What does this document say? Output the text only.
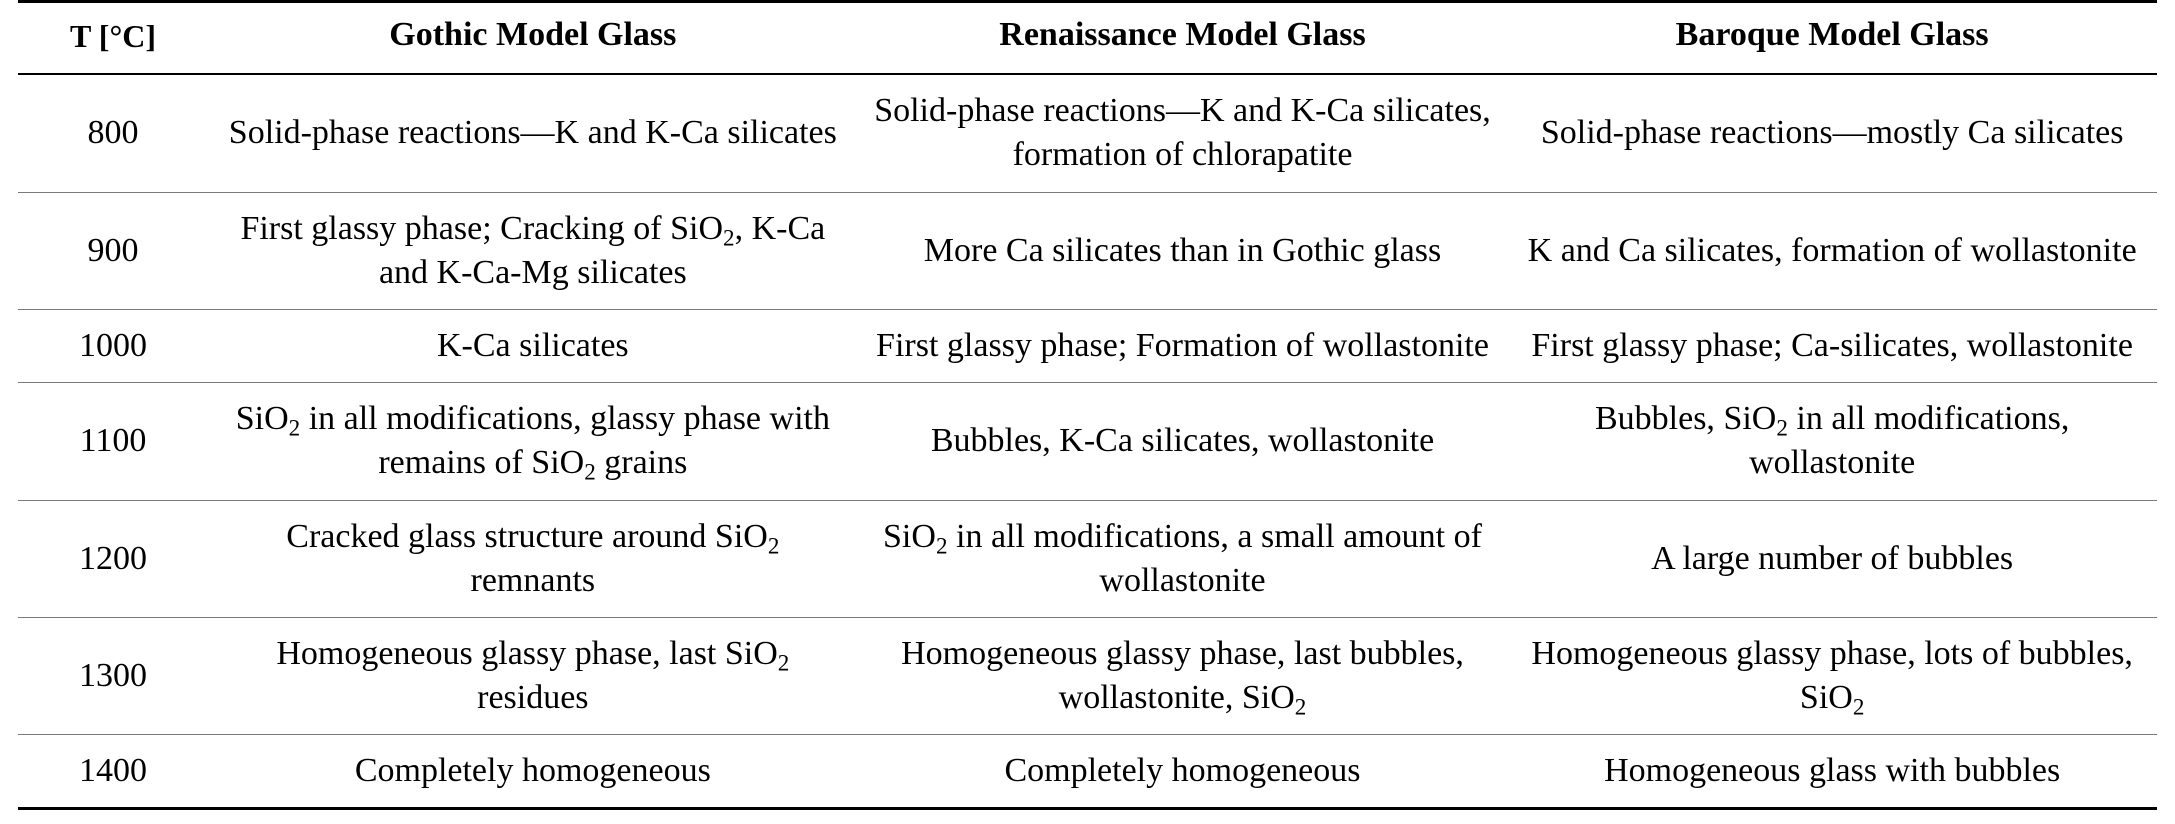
T [°C]	Gothic Model Glass	Renaissance Model Glass	Baroque Model Glass

800	Solid-phase reactions—K and K-Ca silicates	Solid-phase reactions—K and K-Ca silicates, formation of chlorapatite	Solid-phase reactions—mostly Ca silicates

900	First glassy phase; Cracking of SiO$_2$, K-Ca and K-Ca-Mg silicates	More Ca silicates than in Gothic glass	K and Ca silicates, formation of wollastonite

1000	K-Ca silicates	First glassy phase; Formation of wollastonite	First glassy phase; Ca-silicates, wollastonite

1100	SiO$_2$ in all modifications, glassy phase with remains of SiO$_2$ grains	Bubbles, K-Ca silicates, wollastonite	Bubbles, SiO$_2$ in all modifications, wollastonite

1200	Cracked glass structure around SiO$_2$ remnants	SiO$_2$ in all modifications, a small amount of wollastonite	A large number of bubbles

1300	Homogeneous glassy phase, last SiO$_2$ residues	Homogeneous glassy phase, last bubbles, wollastonite, SiO$_2$	Homogeneous glassy phase, lots of bubbles, SiO$_2$

1400	Completely homogeneous	Completely homogeneous	Homogeneous glass with bubbles
